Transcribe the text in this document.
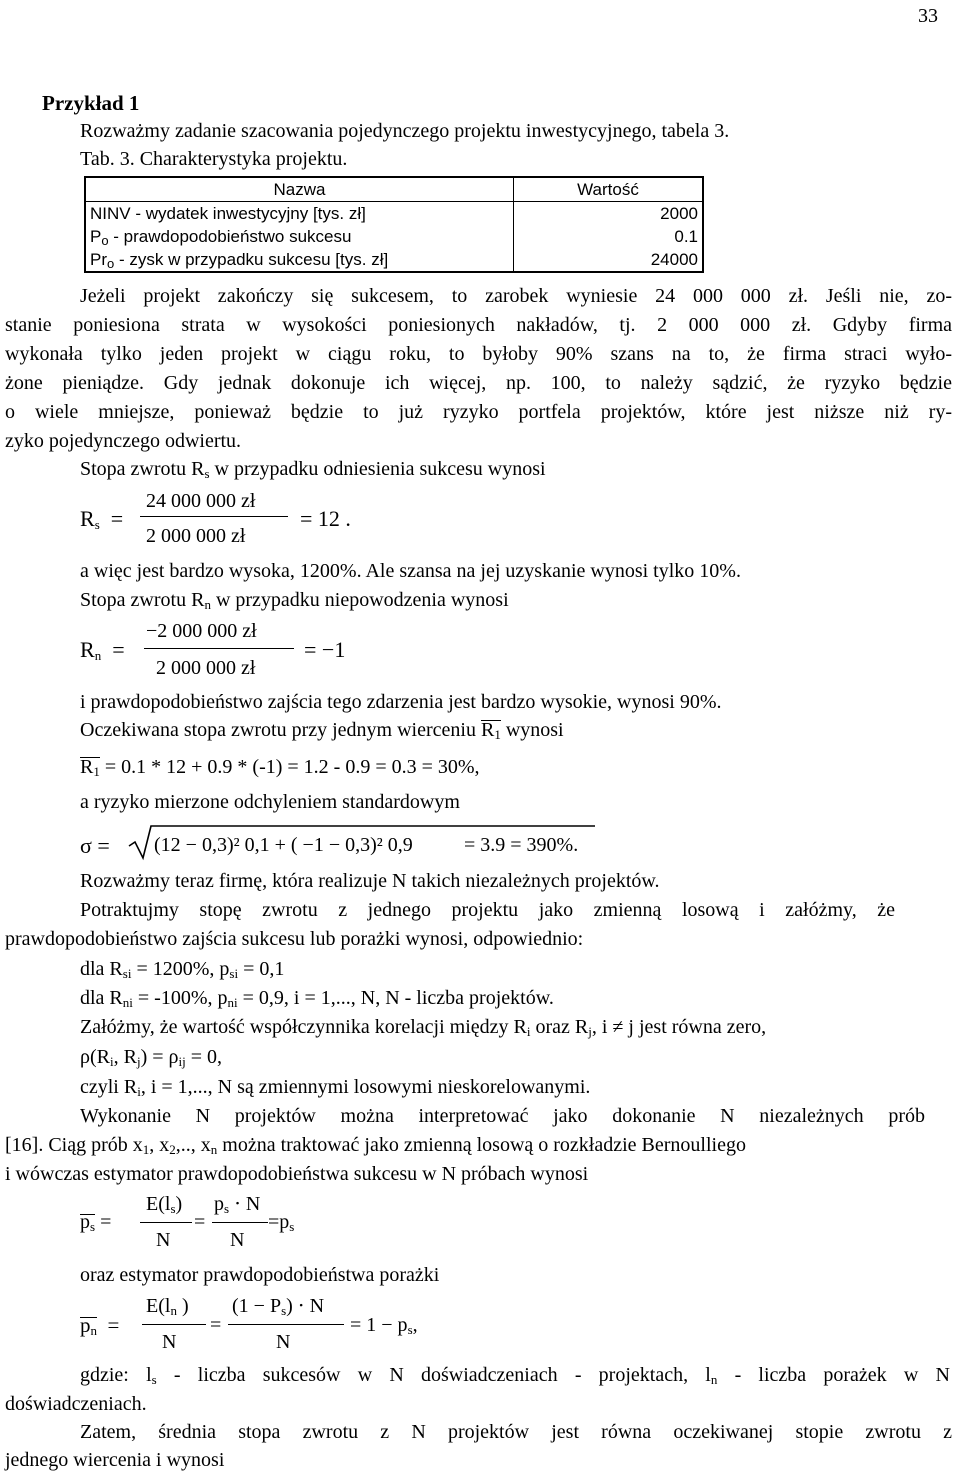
33
Przykład 1
Rozważmy zadanie szacowania pojedynczego projektu inwestycyjnego, tabela 3.
Tab. 3. Charakterystyka projektu.
Nazwa	Wartość
NINV - wydatek inwestycyjny [tys. zł]	2000
$P_o$ - prawdopodobieństwo sukcesu	0.1
$Pr_o$ - zysk w przypadku sukcesu [tys. zł]	24000
Jeżeli projekt zakończy się sukcesem, to zarobek wyniesie 24 000 000 zł. Jeśli nie, zo-
stanie poniesiona strata w wysokości poniesionych nakładów, tj. 2 000 000 zł. Gdyby firma
wykonała tylko jeden projekt w ciągu roku, to byłoby 90% szans na to, że firma straci wyło-
żone pieniądze. Gdy jednak dokonuje ich więcej, np. 100, to należy sądzić, że ryzyko będzie
o wiele mniejsze, ponieważ będzie to już ryzyko portfela projektów, które jest niższe niż ry-
zyko pojedynczego odwiertu.
Stopa zwrotu $R_s$ w przypadku odniesienia sukcesu wynosi
$R_s$  =
24 000 000 zł
2 000 000 zł
= 12 .
a więc jest bardzo wysoka, 1200%. Ale szansa na jej uzyskanie wynosi tylko 10%.
Stopa zwrotu $R_n$ w przypadku niepowodzenia wynosi
$R_n$  =
−2 000 000 zł
2 000 000 zł
= −1
i prawdopodobieństwo zajścia tego zdarzenia jest bardzo wysokie, wynosi 90%.
Oczekiwana stopa zwrotu przy jednym wierceniu
$R_1$ wynosi
$R_1 = 0.1 * 12 + 0.9 * (-1) = 1.2 - 0.9 = 0.3 = 30\%$,
a ryzyko mierzone odchyleniem standardowym
σ = (12 − 0,3)² 0,1 + ( −1 − 0,3)² 0,9	= 3.9 = 390%.
Rozważmy teraz firmę, która realizuje N takich niezależnych projektów.
Potraktujmy stopę zwrotu z jednego projektu jako zmienną losową i załóżmy, że
prawdopodobieństwo zajścia sukcesu lub porażki wynosi, odpowiednio:
dla $R_{si} = 1200\%$, $p_{si} = 0,1$
dla $R_{ni} = -100\%$, $p_{ni} = 0,9$, i = 1,..., N, N - liczba projektów.
Załóżmy, że wartość współczynnika korelacji między $R_i$ oraz $R_j$, i ≠ j jest równa zero,
$\rho(R_i$, $R_j) = \rho_{ij} = 0$,
czyli $R_i$, i = 1,..., N są zmiennymi losowymi nieskorelowanymi.
Wykonanie N projektów można interpretować jako dokonanie N niezależnych prób
[16]. Ciąg prób $x_1$, $x_2$,.., $x_n$ można traktować jako zmienną losową o rozkładzie Bernoulliego
i wówczas estymator prawdopodobieństwa sukcesu w N próbach wynosi
$p_s$ =
$E(l_s)$
N
=
$p_s \cdot N$
N
$=p_s$
oraz estymator prawdopodobieństwa porażki
$p_n$  =
$E(l_n$ )
N
=
$(1 - P_s) \cdot N$
N
= $1 - p_s$,
gdzie: $l_s$ - liczba sukcesów w N doświadczeniach - projektach, $l_n$ - liczba porażek w N
doświadczeniach.
Zatem, średnia stopa zwrotu z N projektów jest równa oczekiwanej stopie zwrotu z
jednego wiercenia i wynosi
